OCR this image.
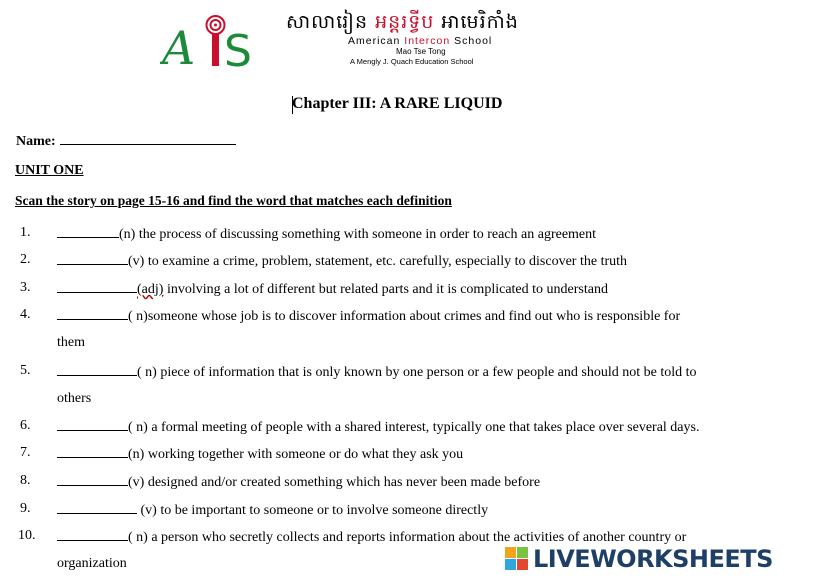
A S
សាលារៀន អន្តរទ្វីប អាមេរិកាំង
American Intercon School
Mao Tse Tong
A Mengly J. Quach Education School
Chapter III: A RARE LIQUID
Name:
UNIT ONE
Scan the story on page 15-16 and find the word that matches each definition
1.	(n) the process of discussing something with someone in order to reach an agreement
2.	(v) to examine a crime, problem, statement, etc. carefully, especially to discover the truth
3.	(adj) involving a lot of different but related parts and it is complicated to understand
4.	( n)someone whose job is to discover information about crimes and find out who is responsible for
them
5.	( n) piece of information that is only known by one person or a few people and should not be told to
others
6.	( n) a formal meeting of people with a shared interest, typically one that takes place over several days.
7.	(n) working together with someone or do what they ask you
8.	(v) designed and/or created something which has never been made before
9.	(v) to be important to someone or to involve someone directly
10.	( n) a person who secretly collects and reports information about the activities of another country or
organization	LIVEWORKSHEETS
